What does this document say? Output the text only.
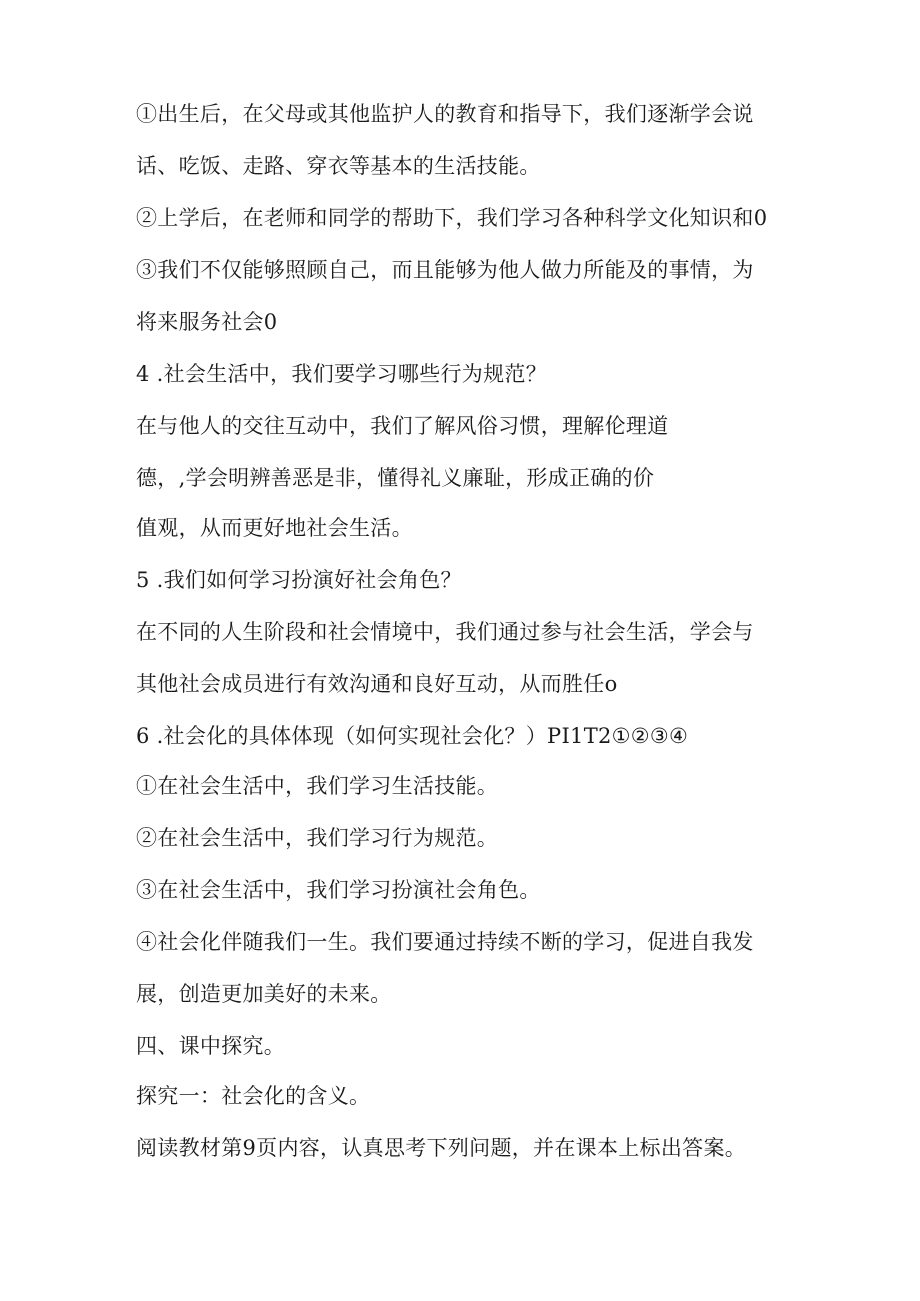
①出生后，在父母或其他监护人的教育和指导下，我们逐渐学会说
话、吃饭、走路、穿衣等基本的生活技能。
②上学后，在老师和同学的帮助下，我们学习各种科学文化知识和0
③我们不仅能够照顾自己，而且能够为他人做力所能及的事情，为
将来服务社会0
4 .社会生活中，我们要学习哪些行为规范？
在与他人的交往互动中，我们了解风俗习惯，理解伦理道
德，,学会明辨善恶是非，懂得礼义廉耻，形成正确的价
值观，从而更好地社会生活。
5 .我们如何学习扮演好社会角色？
在不同的人生阶段和社会情境中，我们通过参与社会生活，学会与
其他社会成员进行有效沟通和良好互动，从而胜任o
6 .社会化的具体体现（如何实现社会化？）PI1T2①②③④
①在社会生活中，我们学习生活技能。
②在社会生活中，我们学习行为规范。
③在社会生活中，我们学习扮演社会角色。
④社会化伴随我们一生。我们要通过持续不断的学习，促进自我发
展，创造更加美好的未来。
四、课中探究。
探究一：社会化的含义。
阅读教材第9页内容，认真思考下列问题，并在课本上标出答案。
